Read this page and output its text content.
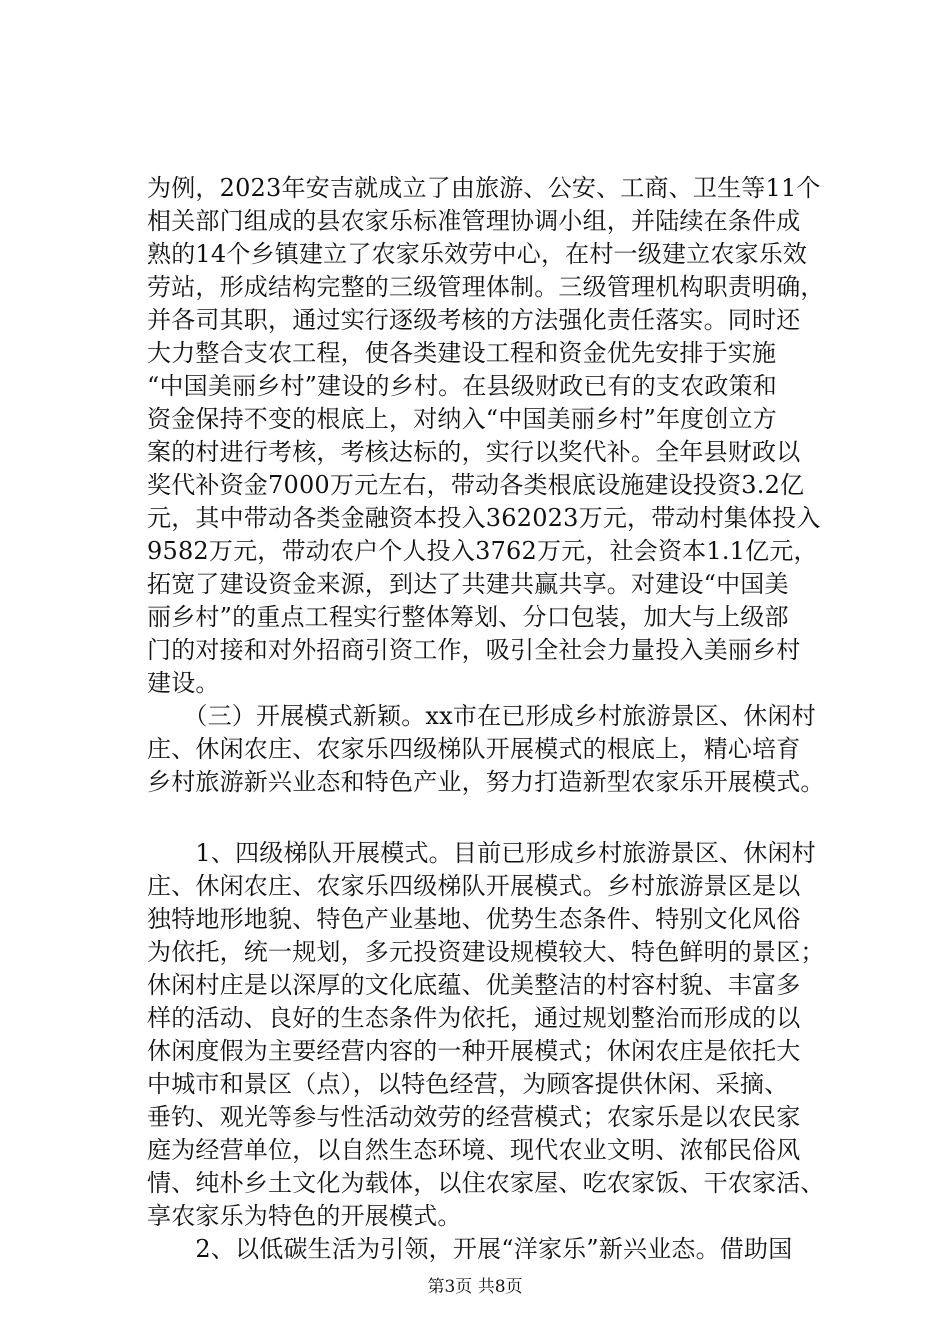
为例，2023年安吉就成立了由旅游、公安、工商、卫生等11个
相关部门组成的县农家乐标准管理协调小组，并陆续在条件成
熟的14个乡镇建立了农家乐效劳中心，在村一级建立农家乐效
劳站，形成结构完整的三级管理体制。三级管理机构职责明确，
并各司其职，通过实行逐级考核的方法强化责任落实。同时还
大力整合支农工程，使各类建设工程和资金优先安排于实施
“中国美丽乡村”建设的乡村。在县级财政已有的支农政策和
资金保持不变的根底上，对纳入“中国美丽乡村”年度创立方
案的村进行考核，考核达标的，实行以奖代补。全年县财政以
奖代补资金7000万元左右，带动各类根底设施建设投资3.2亿
元，其中带动各类金融资本投入362023万元，带动村集体投入
9582万元，带动农户个人投入3762万元，社会资本1.1亿元，
拓宽了建设资金来源，到达了共建共赢共享。对建设“中国美
丽乡村”的重点工程实行整体筹划、分口包装，加大与上级部
门的对接和对外招商引资工作，吸引全社会力量投入美丽乡村
建设。
　　（三）开展模式新颖。xx市在已形成乡村旅游景区、休闲村
庄、休闲农庄、农家乐四级梯队开展模式的根底上，精心培育
乡村旅游新兴业态和特色产业，努力打造新型农家乐开展模式。
　　1、四级梯队开展模式。目前已形成乡村旅游景区、休闲村
庄、休闲农庄、农家乐四级梯队开展模式。乡村旅游景区是以
独特地形地貌、特色产业基地、优势生态条件、特别文化风俗
为依托，统一规划，多元投资建设规模较大、特色鲜明的景区；
休闲村庄是以深厚的文化底蕴、优美整洁的村容村貌、丰富多
样的活动、良好的生态条件为依托，通过规划整治而形成的以
休闲度假为主要经营内容的一种开展模式；休闲农庄是依托大
中城市和景区（点），以特色经营，为顾客提供休闲、采摘、
垂钓、观光等参与性活动效劳的经营模式；农家乐是以农民家
庭为经营单位，以自然生态环境、现代农业文明、浓郁民俗风
情、纯朴乡土文化为载体，以住农家屋、吃农家饭、干农家活、
享农家乐为特色的开展模式。
　　2、以低碳生活为引领，开展“洋家乐”新兴业态。借助国
第3页 共8页
